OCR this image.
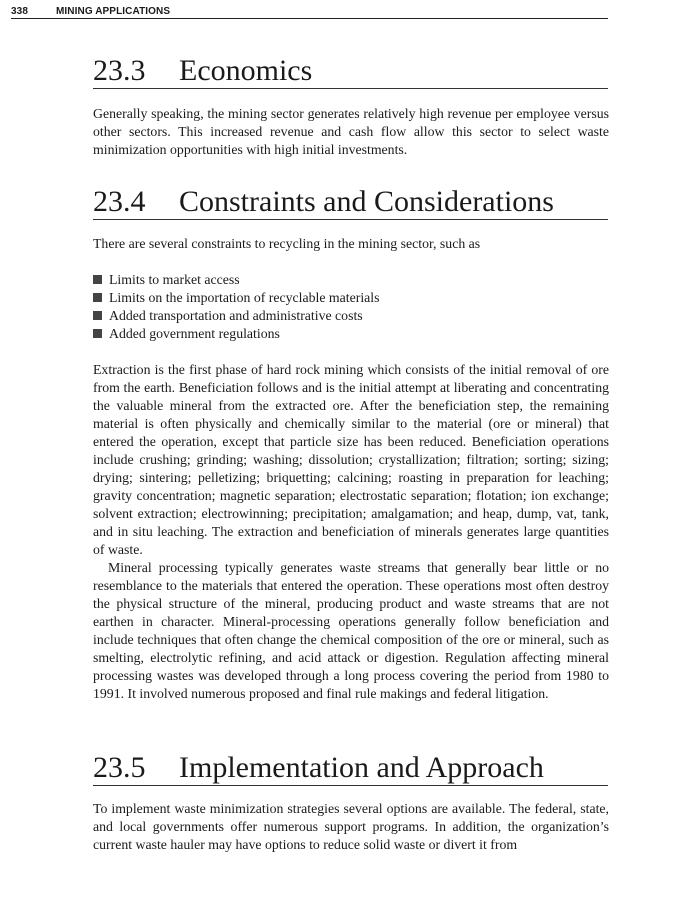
338	MINING APPLICATIONS
23.3 Economics

Generally speaking, the mining sector generates relatively high revenue per employee versus other sectors. This increased revenue and cash flow allow this sector to select waste minimization opportunities with high initial investments.

23.4 Constraints and Considerations

There are several constraints to recycling in the mining sector, such as

Limits to market access
Limits on the importation of recyclable materials
Added transportation and administrative costs
Added government regulations

Extraction is the first phase of hard rock mining which consists of the initial removal of ore from the earth. Beneficiation follows and is the initial attempt at liberating and concentrating the valuable mineral from the extracted ore. After the beneficiation step, the remaining material is often physically and chemically similar to the material (ore or mineral) that entered the operation, except that particle size has been reduced. Beneficiation operations include crushing; grinding; washing; dissolution; crystallization; filtration; sorting; sizing; drying; sintering; pelletizing; briquetting; calcining; roasting in preparation for leaching; gravity concentration; magnetic separation; electrostatic separation; flotation; ion exchange; solvent extraction; electrowinning; precipitation; amalgamation; and heap, dump, vat, tank, and in situ leaching. The extraction and beneficiation of minerals generates large quantities of waste.

Mineral processing typically generates waste streams that generally bear little or no resemblance to the materials that entered the operation. These operations most often destroy the physical structure of the mineral, producing product and waste streams that are not earthen in character. Mineral-processing operations generally follow beneficiation and include techniques that often change the chemical composition of the ore or mineral, such as smelting, electrolytic refining, and acid attack or digestion. Regulation affecting mineral processing wastes was developed through a long process covering the period from 1980 to 1991. It involved numerous proposed and final rule makings and federal litigation.

23.5 Implementation and Approach

To implement waste minimization strategies several options are available. The federal, state, and local governments offer numerous support programs. In addition, the organization’s current waste hauler may have options to reduce solid waste or divert it from
